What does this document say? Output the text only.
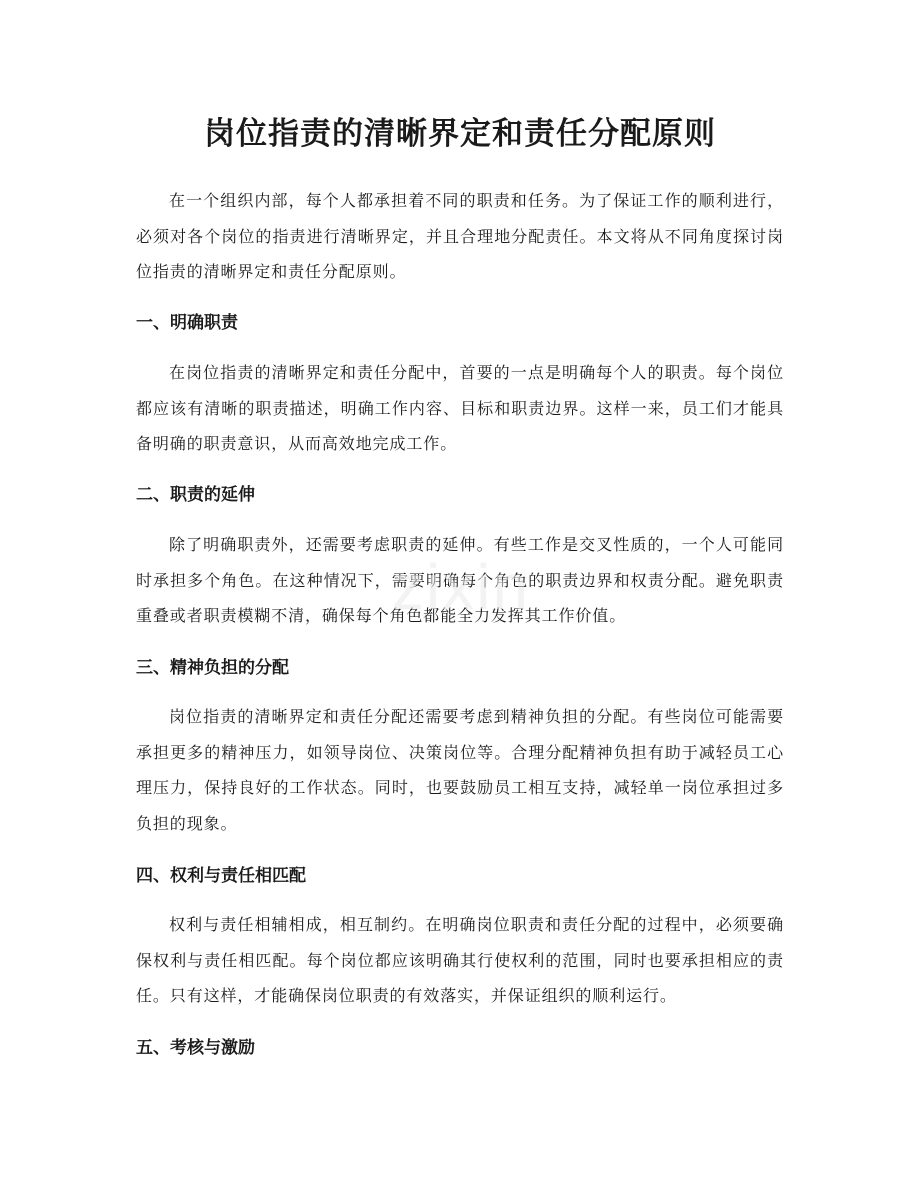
岗位指责的清晰界定和责任分配原则

在一个组织内部，每个人都承担着不同的职责和任务。为了保证工作的顺利进行，必须对各个岗位的指责进行清晰界定，并且合理地分配责任。本文将从不同角度探讨岗位指责的清晰界定和责任分配原则。

一、明确职责

在岗位指责的清晰界定和责任分配中，首要的一点是明确每个人的职责。每个岗位都应该有清晰的职责描述，明确工作内容、目标和职责边界。这样一来，员工们才能具备明确的职责意识，从而高效地完成工作。

二、职责的延伸

除了明确职责外，还需要考虑职责的延伸。有些工作是交叉性质的，一个人可能同时承担多个角色。在这种情况下，需要明确每个角色的职责边界和权责分配。避免职责重叠或者职责模糊不清，确保每个角色都能全力发挥其工作价值。

三、精神负担的分配

岗位指责的清晰界定和责任分配还需要考虑到精神负担的分配。有些岗位可能需要承担更多的精神压力，如领导岗位、决策岗位等。合理分配精神负担有助于减轻员工心理压力，保持良好的工作状态。同时，也要鼓励员工相互支持，减轻单一岗位承担过多负担的现象。

四、权利与责任相匹配

权利与责任相辅相成，相互制约。在明确岗位职责和责任分配的过程中，必须要确保权利与责任相匹配。每个岗位都应该明确其行使权利的范围，同时也要承担相应的责任。只有这样，才能确保岗位职责的有效落实，并保证组织的顺利运行。

五、考核与激励
zixin
